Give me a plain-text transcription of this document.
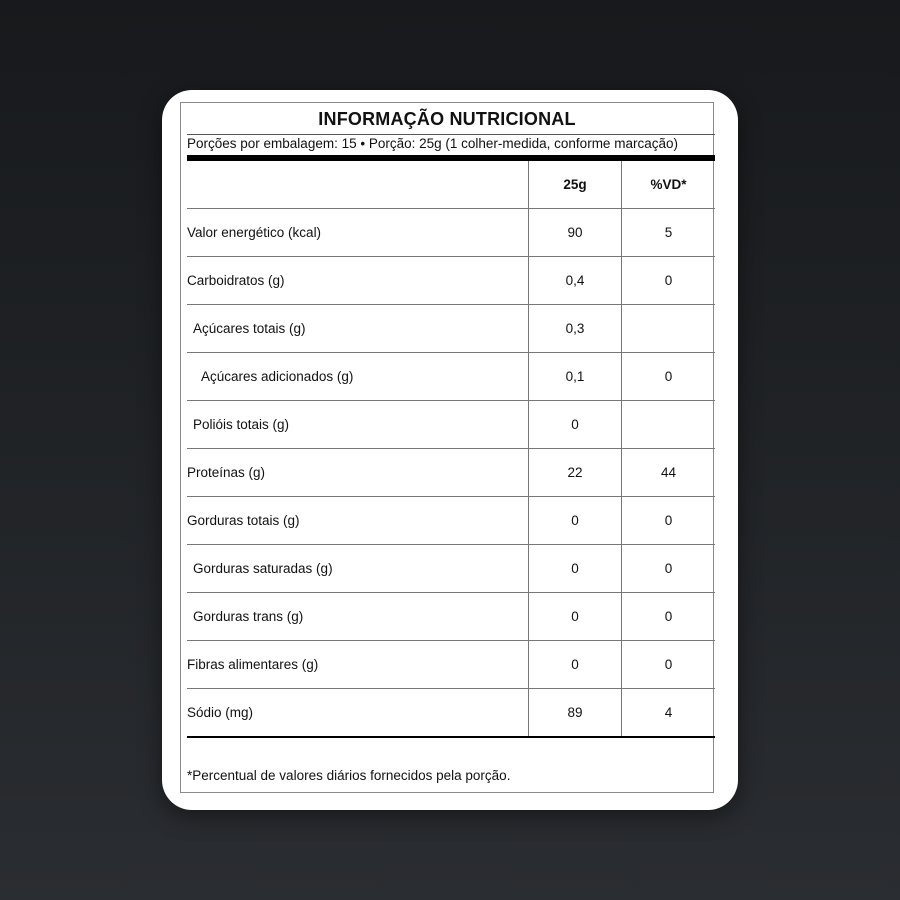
INFORMAÇÃO NUTRICIONAL
Porções por embalagem: 15 • Porção: 25g (1 colher-medida, conforme marcação)
	25g	%VD*
Valor energético (kcal)	90	5
Carboidratos (g)	0,4	0
Açúcares totais (g)	0,3	
Açúcares adicionados (g)	0,1	0
Polióis totais (g)	0	
Proteínas (g)	22	44
Gorduras totais (g)	0	0
Gorduras saturadas (g)	0	0
Gorduras trans (g)	0	0
Fibras alimentares (g)	0	0
Sódio (mg)	89	4
*Percentual de valores diários fornecidos pela porção.
